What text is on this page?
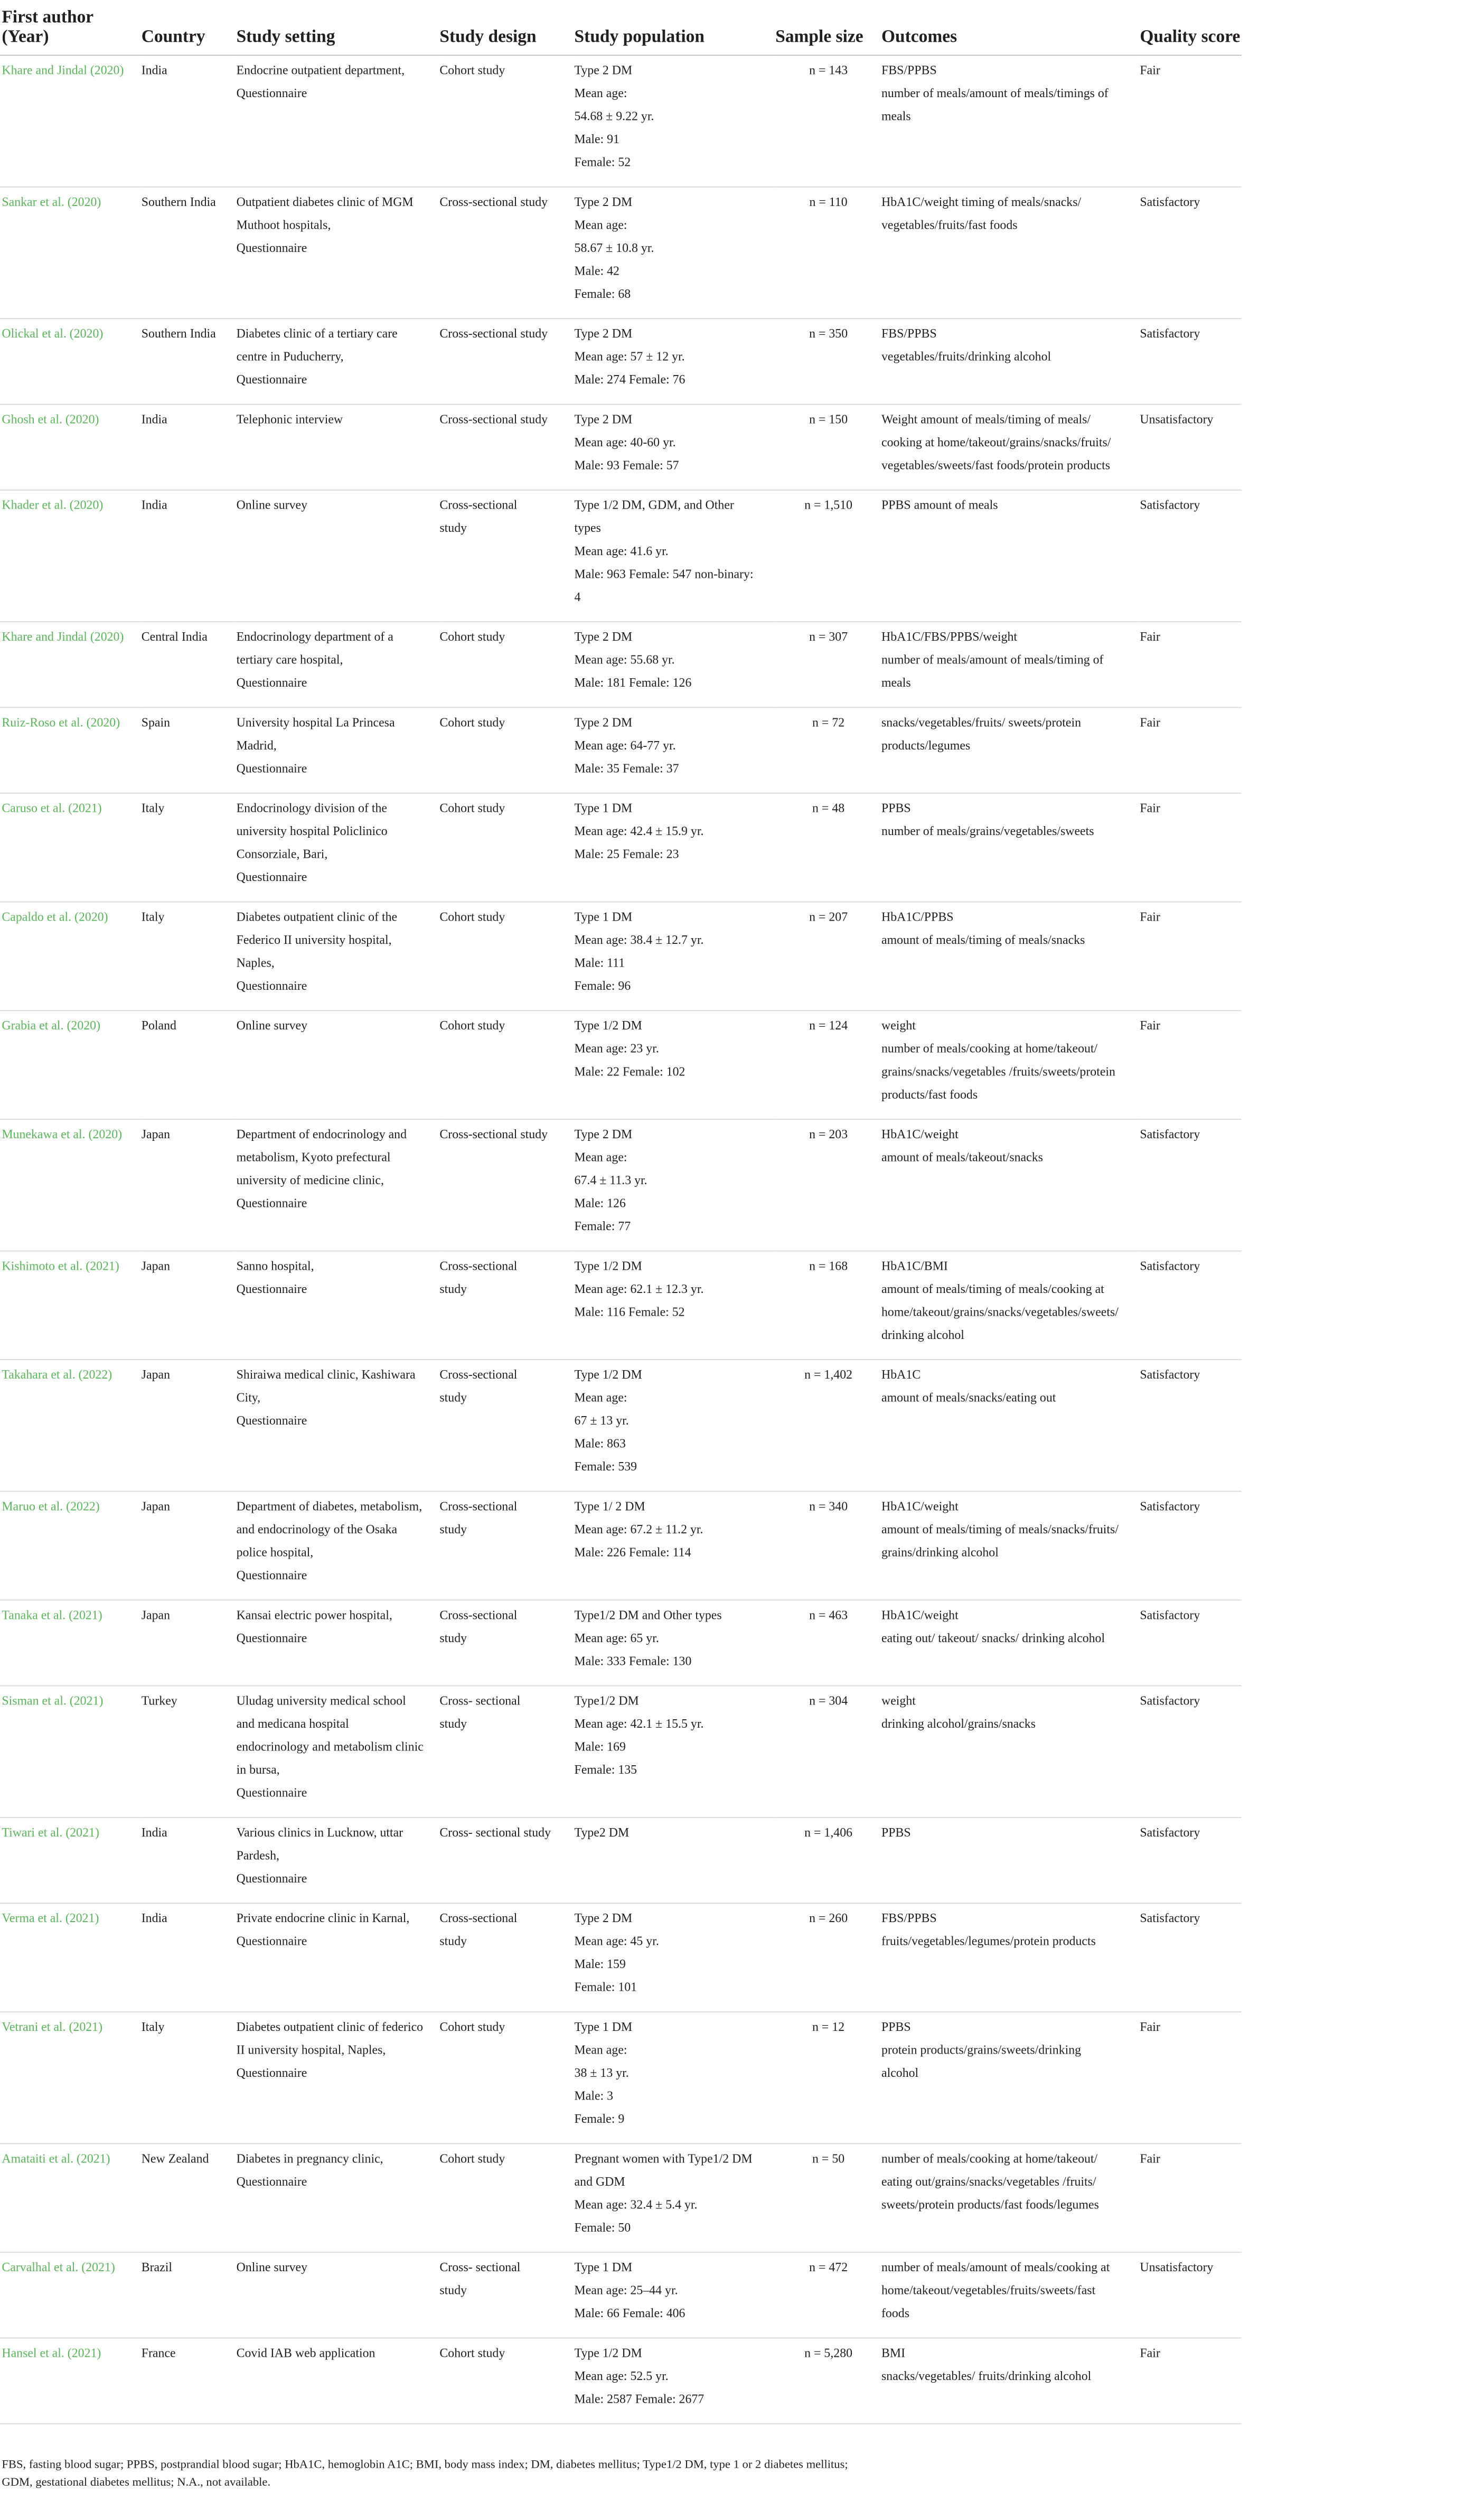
First author (Year)	Country	Study setting	Study design	Study population	Sample size	Outcomes	Quality score
Khare and Jindal (2020)	India	Endocrine outpatient department,
Questionnaire	Cohort study	Type 2 DM
Mean age:
54.68 ± 9.22 yr.
Male: 91
Female: 52	n = 143	FBS/PPBS
number of meals/amount of meals/timings of
meals	Fair
Sankar et al. (2020)	Southern India	Outpatient diabetes clinic of MGM
Muthoot hospitals,
Questionnaire	Cross-sectional study	Type 2 DM
Mean age:
58.67 ± 10.8 yr.
Male: 42
Female: 68	n = 110	HbA1C/weight timing of meals/snacks/
vegetables/fruits/fast foods	Satisfactory
Olickal et al. (2020)	Southern India	Diabetes clinic of a tertiary care
centre in Puducherry,
Questionnaire	Cross-sectional study	Type 2 DM
Mean age: 57 ± 12 yr.
Male: 274 Female: 76	n = 350	FBS/PPBS
vegetables/fruits/drinking alcohol	Satisfactory
Ghosh et al. (2020)	India	Telephonic interview	Cross-sectional study	Type 2 DM
Mean age: 40-60 yr.
Male: 93 Female: 57	n = 150	Weight amount of meals/timing of meals/
cooking at home/takeout/grains/snacks/fruits/
vegetables/sweets/fast foods/protein products	Unsatisfactory
Khader et al. (2020)	India	Online survey	Cross-sectional
study	Type 1/2 DM, GDM, and Other
types
Mean age: 41.6 yr.
Male: 963 Female: 547 non-binary: 4	n = 1,510	PPBS amount of meals	Satisfactory
Khare and Jindal (2020)	Central India	Endocrinology department of a
tertiary care hospital,
Questionnaire	Cohort study	Type 2 DM
Mean age: 55.68 yr.
Male: 181 Female: 126	n = 307	HbA1C/FBS/PPBS/weight
number of meals/amount of meals/timing of
meals	Fair
Ruiz-Roso et al. (2020)	Spain	University hospital La Princesa
Madrid,
Questionnaire	Cohort study	Type 2 DM
Mean age: 64-77 yr.
Male: 35 Female: 37	n = 72	snacks/vegetables/fruits/ sweets/protein
products/legumes	Fair
Caruso et al. (2021)	Italy	Endocrinology division of the
university hospital Policlinico
Consorziale, Bari,
Questionnaire	Cohort study	Type 1 DM
Mean age: 42.4 ± 15.9 yr.
Male: 25 Female: 23	n = 48	PPBS
number of meals/grains/vegetables/sweets	Fair
Capaldo et al. (2020)	Italy	Diabetes outpatient clinic of the
Federico II university hospital,
Naples,
Questionnaire	Cohort study	Type 1 DM
Mean age: 38.4 ± 12.7 yr.
Male: 111
Female: 96	n = 207	HbA1C/PPBS
amount of meals/timing of meals/snacks	Fair
Grabia et al. (2020)	Poland	Online survey	Cohort study	Type 1/2 DM
Mean age: 23 yr.
Male: 22 Female: 102	n = 124	weight
number of meals/cooking at home/takeout/
grains/snacks/vegetables /fruits/sweets/protein
products/fast foods	Fair
Munekawa et al. (2020)	Japan	Department of endocrinology and
metabolism, Kyoto prefectural
university of medicine clinic,
Questionnaire	Cross-sectional study	Type 2 DM
Mean age:
67.4 ± 11.3 yr.
Male: 126
Female: 77	n = 203	HbA1C/weight
amount of meals/takeout/snacks	Satisfactory
Kishimoto et al. (2021)	Japan	Sanno hospital,
Questionnaire	Cross-sectional
study	Type 1/2 DM
Mean age: 62.1 ± 12.3 yr.
Male: 116 Female: 52	n = 168	HbA1C/BMI
amount of meals/timing of meals/cooking at
home/takeout/grains/snacks/vegetables/sweets/
drinking alcohol	Satisfactory
Takahara et al. (2022)	Japan	Shiraiwa medical clinic, Kashiwara
City,
Questionnaire	Cross-sectional
study	Type 1/2 DM
Mean age:
67 ± 13 yr.
Male: 863
Female: 539	n = 1,402	HbA1C
amount of meals/snacks/eating out	Satisfactory
Maruo et al. (2022)	Japan	Department of diabetes, metabolism,
and endocrinology of the Osaka
police hospital,
Questionnaire	Cross-sectional
study	Type 1/ 2 DM
Mean age: 67.2 ± 11.2 yr.
Male: 226 Female: 114	n = 340	HbA1C/weight
amount of meals/timing of meals/snacks/fruits/
grains/drinking alcohol	Satisfactory
Tanaka et al. (2021)	Japan	Kansai electric power hospital,
Questionnaire	Cross-sectional
study	Type1/2 DM and Other types
Mean age: 65 yr.
Male: 333 Female: 130	n = 463	HbA1C/weight
eating out/ takeout/ snacks/ drinking alcohol	Satisfactory
Sisman et al. (2021)	Turkey	Uludag university medical school
and medicana hospital
endocrinology and metabolism clinic
in bursa,
Questionnaire	Cross- sectional
study	Type1/2 DM
Mean age: 42.1 ± 15.5 yr.
Male: 169
Female: 135	n = 304	weight
drinking alcohol/grains/snacks	Satisfactory
Tiwari et al. (2021)	India	Various clinics in Lucknow, uttar
Pardesh,
Questionnaire	Cross- sectional study	Type2 DM	n = 1,406	PPBS	Satisfactory
Verma et al. (2021)	India	Private endocrine clinic in Karnal,
Questionnaire	Cross-sectional
study	Type 2 DM
Mean age: 45 yr.
Male: 159
Female: 101	n = 260	FBS/PPBS
fruits/vegetables/legumes/protein products	Satisfactory
Vetrani et al. (2021)	Italy	Diabetes outpatient clinic of federico
II university hospital, Naples,
Questionnaire	Cohort study	Type 1 DM
Mean age:
38 ± 13 yr.
Male: 3
Female: 9	n = 12	PPBS
protein products/grains/sweets/drinking
alcohol	Fair
Amataiti et al. (2021)	New Zealand	Diabetes in pregnancy clinic,
Questionnaire	Cohort study	Pregnant women with Type1/2 DM
and GDM
Mean age: 32.4 ± 5.4 yr.
Female: 50	n = 50	number of meals/cooking at home/takeout/
eating out/grains/snacks/vegetables /fruits/
sweets/protein products/fast foods/legumes	Fair
Carvalhal et al. (2021)	Brazil	Online survey	Cross- sectional
study	Type 1 DM
Mean age: 25–44 yr.
Male: 66 Female: 406	n = 472	number of meals/amount of meals/cooking at
home/takeout/vegetables/fruits/sweets/fast
foods	Unsatisfactory
Hansel et al. (2021)	France	Covid IAB web application	Cohort study	Type 1/2 DM
Mean age: 52.5 yr.
Male: 2587 Female: 2677	n = 5,280	BMI
snacks/vegetables/ fruits/drinking alcohol	Fair
FBS, fasting blood sugar; PPBS, postprandial blood sugar; HbA1C, hemoglobin A1C; BMI, body mass index; DM, diabetes mellitus; Type1/2 DM, type 1 or 2 diabetes mellitus; GDM, gestational diabetes mellitus; N.A., not available.
